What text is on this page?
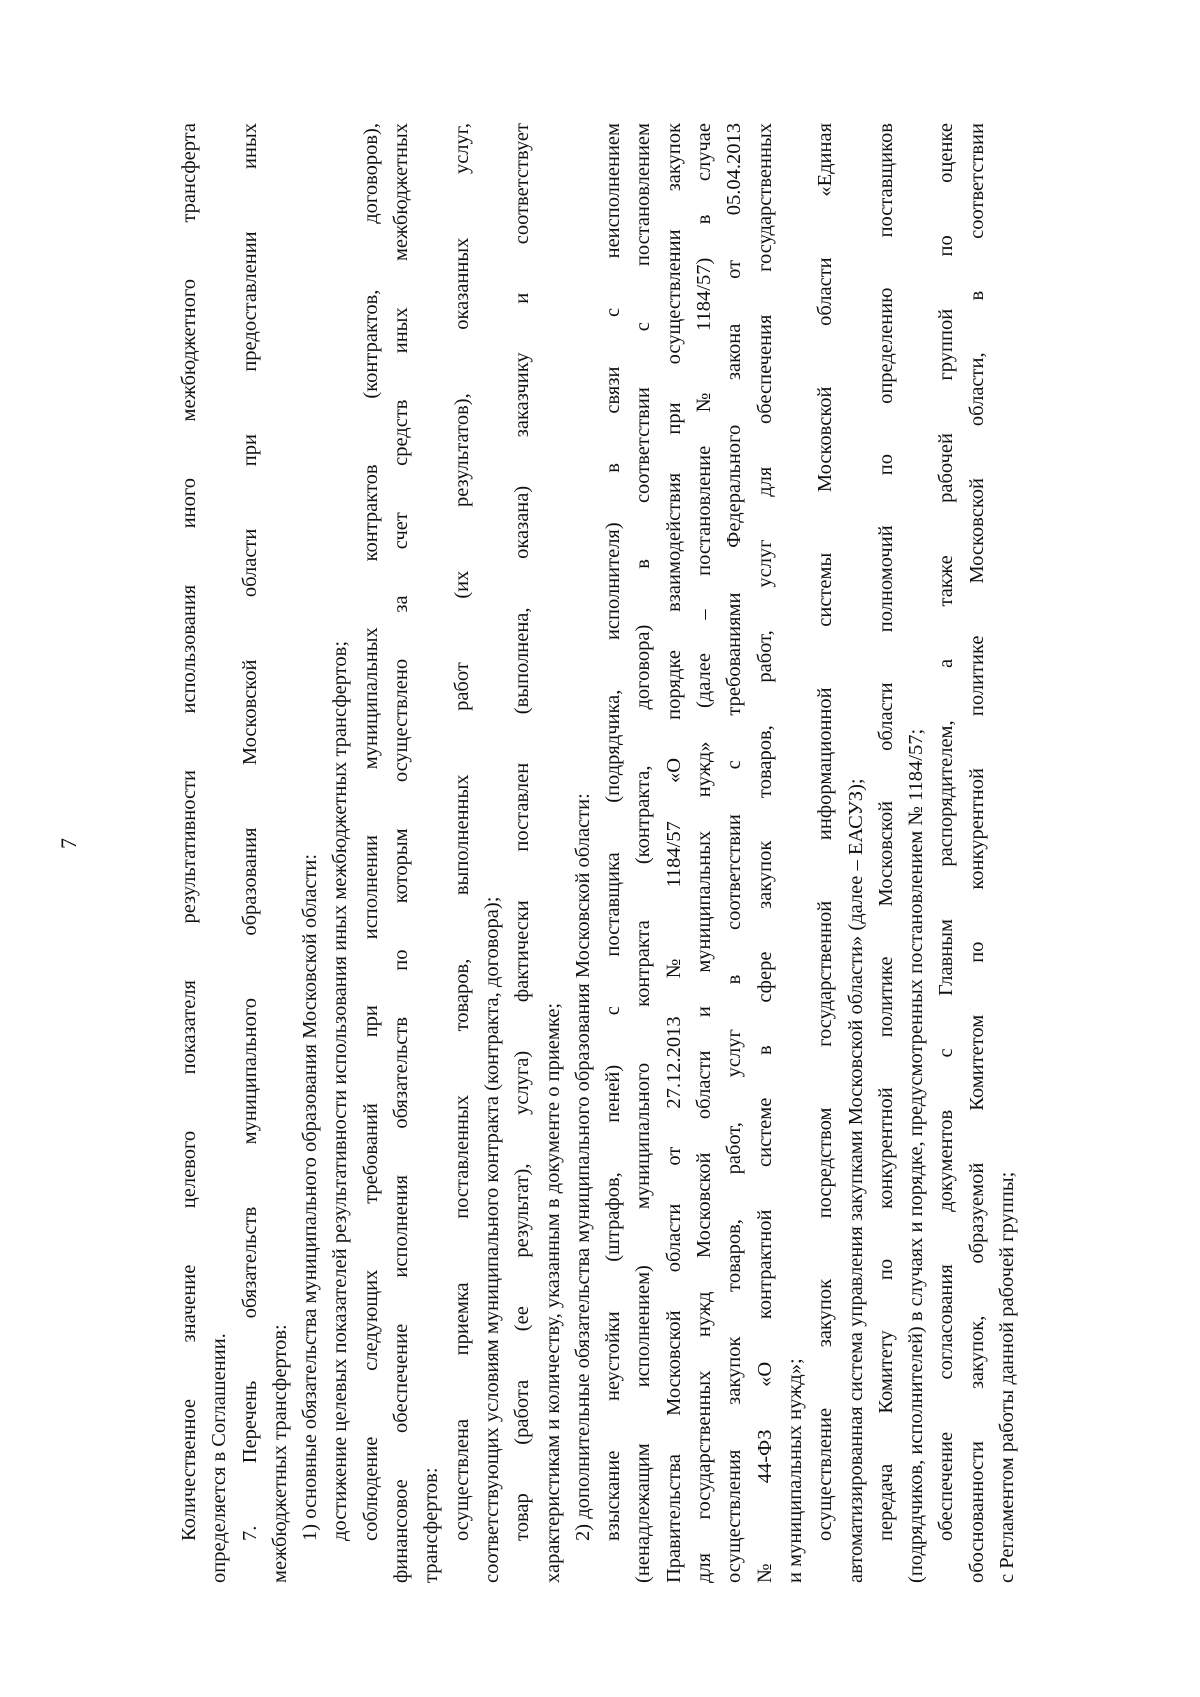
7	Количественное значение целевого показателя результативности использования иного межбюджетного трансферта определяется в Соглашении. 7. Перечень обязательств муниципального образования Московской области при предоставлении иных межбюджетных трансфертов: 1) основные обязательства муниципального образования Московской области: достижение целевых показателей результативности использования иных межбюджетных трансфертов; соблюдение следующих требований при исполнении муниципальных контрактов (контрактов, договоров), финансовое обеспечение исполнения обязательств по которым осуществлено за счет средств иных межбюджетных трансфертов: осуществлена приемка поставленных товаров, выполненных работ (их результатов), оказанных услуг, соответствующих условиям муниципального контракта (контракта, договора); товар (работа (ее результат), услуга) фактически поставлен (выполнена, оказана) заказчику и соответствует характеристикам и количеству, указанным в документе о приемке; 2) дополнительные обязательства муниципального образования Московской области: взыскание неустойки (штрафов, пеней) с поставщика (подрядчика, исполнителя) в связи с неисполнением (ненадлежащим исполнением) муниципального контракта (контракта, договора) в соответствии с постановлением Правительства Московской области от 27.12.2013 № 1184/57 «О порядке взаимодействия при осуществлении закупок для государственных нужд Московской области и муниципальных нужд» (далее – постановление № 1184/57) в случае осуществления закупок товаров, работ, услуг в соответствии с требованиями Федерального закона от 05.04.2013 № 44-ФЗ «О контрактной системе в сфере закупок товаров, работ, услуг для обеспечения государственных и муниципальных нужд»; осуществление закупок посредством государственной информационной системы Московской области «Единая автоматизированная система управления закупками Московской области» (далее – ЕАСУЗ); передача Комитету по конкурентной политике Московской области полномочий по определению поставщиков (подрядчиков, исполнителей) в случаях и порядке, предусмотренных постановлением № 1184/57; обеспечение согласования документов с Главным распорядителем, а также рабочей группой по оценке обоснованности закупок, образуемой Комитетом по конкурентной политике Московской области, в соответствии с Регламентом работы данной рабочей группы;
